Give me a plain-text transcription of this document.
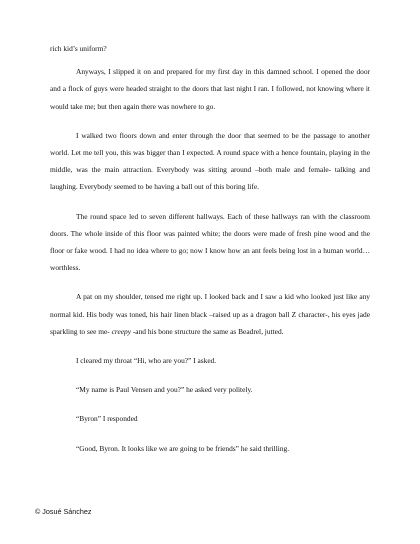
rich kid’s uniform?

Anyways, I slipped it on and prepared for my first day in this damned school. I opened the door and a flock of guys were headed straight to the doors that last night I ran. I followed, not knowing where it would take me; but then again there was nowhere to go.

I walked two floors down and enter through the door that seemed to be the passage to another world. Let me tell you, this was bigger than I expected. A round space with a hence fountain, playing in the middle, was the main attraction. Everybody was sitting around –both male and female- talking and laughing. Everybody seemed to be having a ball out of this boring life.

The round space led to seven different hallways. Each of these hallways ran with the classroom doors. The whole inside of this floor was painted white; the doors were made of fresh pine wood and the floor or fake wood. I had no idea where to go; now I know how an ant feels being lost in a human world…worthless.

A pat on my shoulder, tensed me right up. I looked back and I saw a kid who looked just like any normal kid. His body was toned, his hair linen black –raised up as a dragon ball Z character-, his eyes jade sparkling to see me- creepy -and his bone structure the same as Beadrel, jutted.

I cleared my throat “Hi, who are you?” I asked.

“My name is Paul Vensen and you?” he asked very politely.

“Byron” I responded

“Good, Byron. It looks like we are going to be friends” he said thrilling.

© Josué Sánchez
